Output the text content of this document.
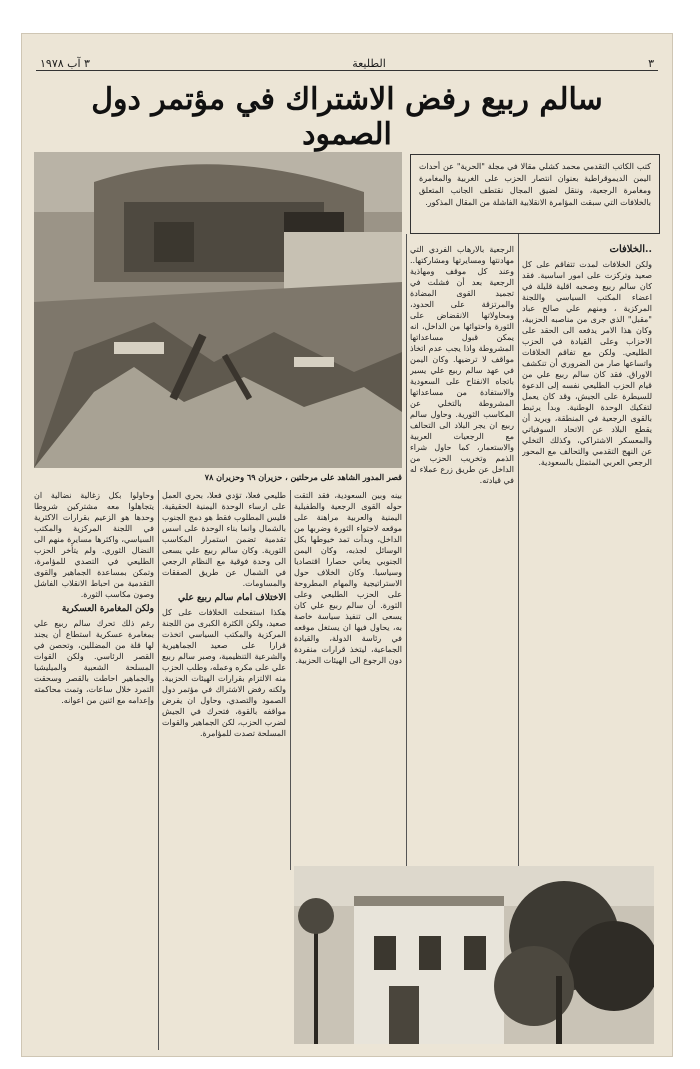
٣
الطليعة
٣ آب ١٩٧٨
سالم ربيع رفض الاشتراك في مؤتمر دول الصمود
قصر المدور الشاهد على مرحلتين ، حزيران ٦٩ وحزيران ٧٨
كتب الكاتب التقدمي محمد كشلي مقالا في مجلة "الحرية" عن أحداث اليمن الديموقراطية بعنوان انتصار الحزب على الغربية والمغامرة ومغامرة الرجعية، وننقل لضيق المجال نقتطف الجانب المتعلق بالخلافات التي سبقت المؤامرة الانقلابية الفاشلة من المقال المذكور.
..الخلافات

ولكن الخلافات لمدت تتفاقم على كل صعيد وتركزت على امور اساسية. فقد كان سالم ربيع وصحبه اقلية قليلة في اعضاء المكتب السياسي واللجنة المركزية ، ومنهم علي صالح عباد "مقبل" الذي جرى من مناصبه الحزبية، وكان هذا الامر يدفعه الى الحقد على الاحزاب وعلى القيادة في الحزب الطليعي. ولكن مع تفاقم الخلافات واتساعها صار من الضروري أن تنكشف الاوراق. فقد كان سالم ربيع علي من قيام الحزب الطليعي نفسه إلى الدعوة للسيطرة على الجيش، وقد كان يعمل لتفكيك الوحدة الوطنية. وبدأ يرتبط بالقوى الرجعية في المنطقة، ويريد أن يقطع البلاد عن الاتحاد السوفياتي والمعسكر الاشتراكي، وكذلك التخلي عن النهج التقدمي والتحالف مع المحور الرجعي العربي المتمثل بالسعودية.

الرجعية بالارهاب الفردي التي مهادنتها ومسايرتها ومشاركتها.. وعند كل موقف ومهاذية الرجعية بعد أن فشلت في تجميد القوى المضادة والمرتزقة على الحدود، ومحاولاتها الانقضاض على الثورة واحتوائها من الداخل، انه يمكن قبول مساعداتها المشروطة واذا يجب عدم اتخاذ مواقف لا ترضيها. وكان اليمن في عهد سالم ربيع علي يسير باتجاه الانفتاح على السعودية والاستفادة من مساعداتها المشروطة بالتخلي عن المكاسب الثورية. وحاول سالم ربيع ان يجر البلاد الى التحالف مع الرجعيات العربية والاستعمار، كما حاول شراء الذمم وتخريب الحزب من الداخل عن طريق زرع عملاء له في قيادته.

بينه وبين السعودية، فقد التقت حوله القوى الرجعية والطفيلية اليمنية والعربية مراهنة على موقعه لاحتواء الثورة وضربها من الداخل، وبدأت تمد خيوطها بكل الوسائل لجذبه، وكان اليمن الجنوبي يعاني حصارا اقتصاديا وسياسيا. وكان الخلاف حول الاستراتيجية والمهام المطروحة على الحزب الطليعي وعلى الثورة. أن سالم ربيع علي كان يسعى الى تنفيذ سياسة خاصة به، يحاول فيها ان يستغل موقعه في رئاسة الدولة، والقيادة الجماعية، ليتخذ قرارات منفردة دون الرجوع الى الهيئات الحزبية.

طليعي فعلا، تؤدي فعلا، بحري العمل على ارساء الوحدة اليمنية الحقيقية. فليس المطلوب فقط هو دمج الجنوب بالشمال وانما بناء الوحدة على اسس تقدمية تضمن استمرار المكاسب الثورية. وكان سالم ربيع علي يسعى الى وحدة فوقية مع النظام الرجعي في الشمال عن طريق الصفقات والمساومات.

الاختلاف امام سالم ربيع علي

هكذا استفحلت الخلافات على كل صعيد، ولكن الكثرة الكبرى من اللجنة المركزية والمكتب السياسي اتخذت قرارا على صعيد الجماهيرية والشرعية التنظيمية، وصبر سالم ربيع علي على مكره وعمله، وطلب الحزب منه الالتزام بقرارات الهيئات الحزبية. ولكنه رفض الاشتراك في مؤتمر دول الصمود والتصدي، وحاول ان يفرض مواقفه بالقوة، فتحرك في الجيش لضرب الحزب، لكن الجماهير والقوات المسلحة تصدت للمؤامرة.

وحاولوا بكل زغالية نضالية ان يتجاهلوا معه مشتركين شروطا وحدها هو الزعيم بقرارات الاكثرية في اللجنة المركزية والمكتب السياسي، واكثرها مسايرة منهم الى النضال الثوري. ولم يتأخر الحزب الطليعي في التصدي للمؤامرة، وتمكن بمساعدة الجماهير والقوى التقدمية من احباط الانقلاب الفاشل وصون مكاسب الثورة.

ولكن المغامرة العسكرية

رغم ذلك تحرك سالم ربيع علي بمغامرة عسكرية استطاع أن يجند لها قلة من المضللين، وتحصن في القصر الرئاسي. ولكن القوات المسلحة الشعبية والميليشيا والجماهير احاطت بالقصر وسحقت التمرد خلال ساعات، وتمت محاكمته وإعدامه مع اثنين من اعوانه.
